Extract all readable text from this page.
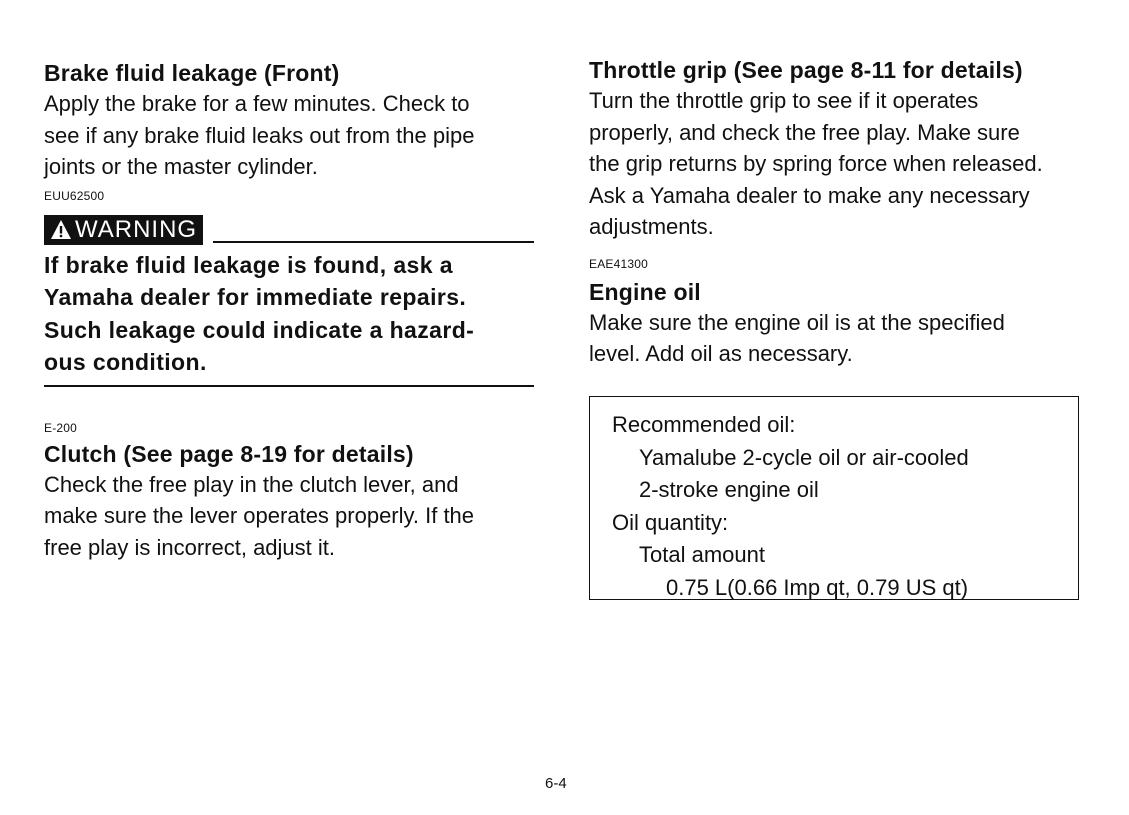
Brake fluid leakage (Front)

Apply the brake for a few minutes. Check to

see if any brake fluid leaks out from the pipe

joints or the master cylinder.

EUU62500

WARNING

If brake fluid leakage is found, ask a

Yamaha dealer for immediate repairs.

Such leakage could indicate a hazard-

ous condition.

E-200

Clutch (See page 8-19 for details)

Check the free play in the clutch lever, and

make sure the lever operates properly. If the

free play is incorrect, adjust it.

Throttle grip (See page 8-11 for details)

Turn the throttle grip to see if it operates

properly, and check the free play. Make sure

the grip returns by spring force when released.

Ask a Yamaha dealer to make any necessary

adjustments.

EAE41300

Engine oil

Make sure the engine oil is at the specified

level. Add oil as necessary.

Recommended oil:

Yamalube 2-cycle oil or air-cooled

2-stroke engine oil

Oil quantity:

Total amount

0.75 L(0.66 Imp qt, 0.79 US qt)

6-4
